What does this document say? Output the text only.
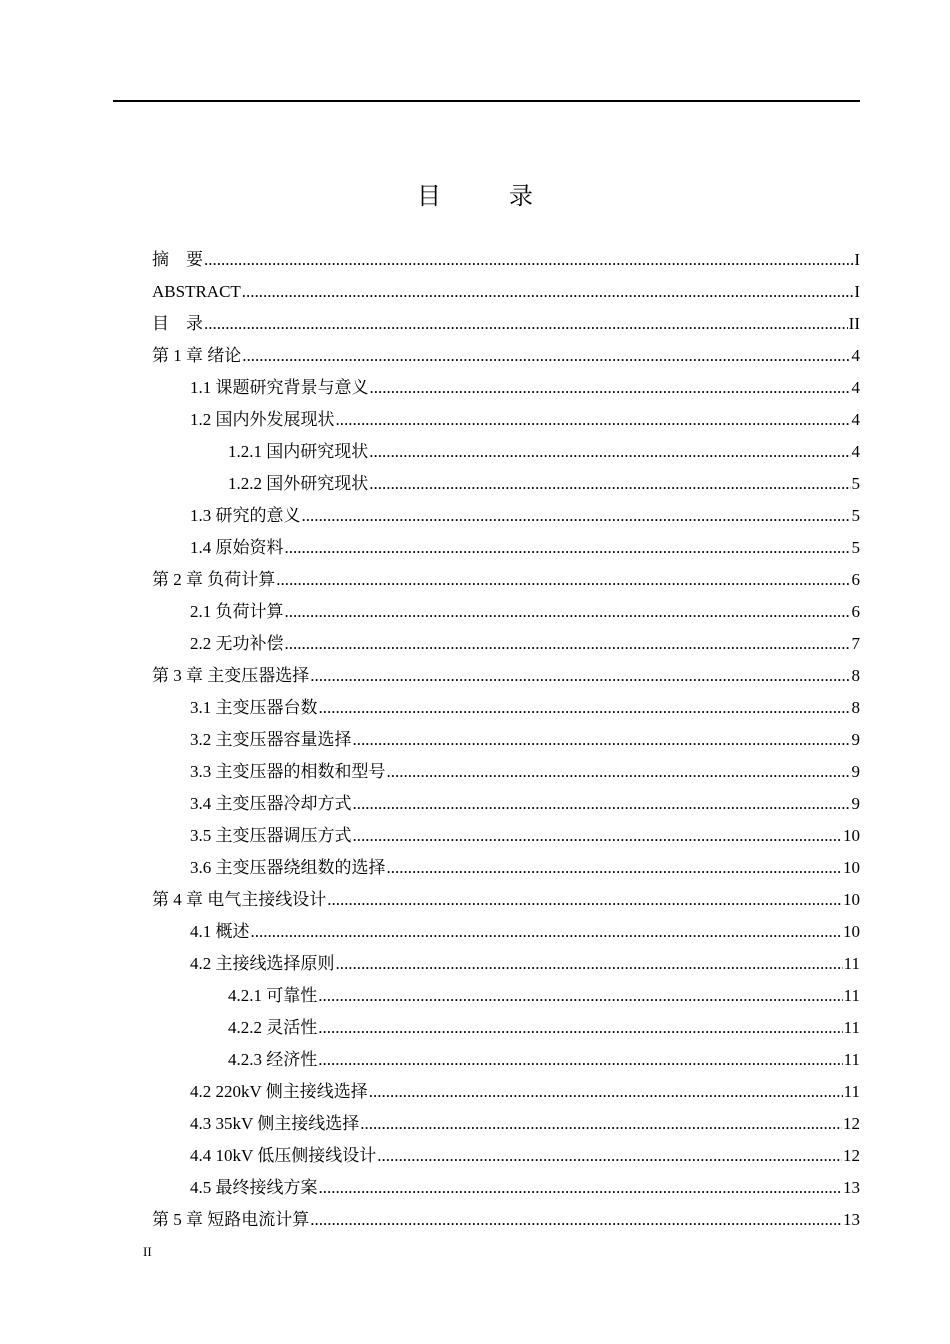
目　录
摘　要 .....	I
ABSTRACT .....	I
目　录 .....	II
第 1 章 绪论 .....	4
1.1 课题研究背景与意义 .....	4
1.2 国内外发展现状 .....	4
1.2.1 国内研究现状 .....	4
1.2.2 国外研究现状 .....	5
1.3 研究的意义 .....	5
1.4 原始资料 .....	5
第 2 章 负荷计算 .....	6
2.1 负荷计算 .....	6
2.2 无功补偿 .....	7
第 3 章 主变压器选择 .....	8
3.1 主变压器台数 .....	8
3.2 主变压器容量选择 .....	9
3.3 主变压器的相数和型号 .....	9
3.4 主变压器冷却方式 .....	9
3.5 主变压器调压方式 .....	10
3.6 主变压器绕组数的选择 .....	10
第 4 章 电气主接线设计 .....	10
4.1 概述 .....	10
4.2 主接线选择原则 .....	11
4.2.1 可靠性 .....	11
4.2.2 灵活性 .....	11
4.2.3 经济性 .....	11
4.2 220kV 侧主接线选择 .....	11
4.3 35kV 侧主接线选择 .....	12
4.4 10kV 低压侧接线设计 .....	12
4.5 最终接线方案 .....	13
第 5 章 短路电流计算 .....	13
II
